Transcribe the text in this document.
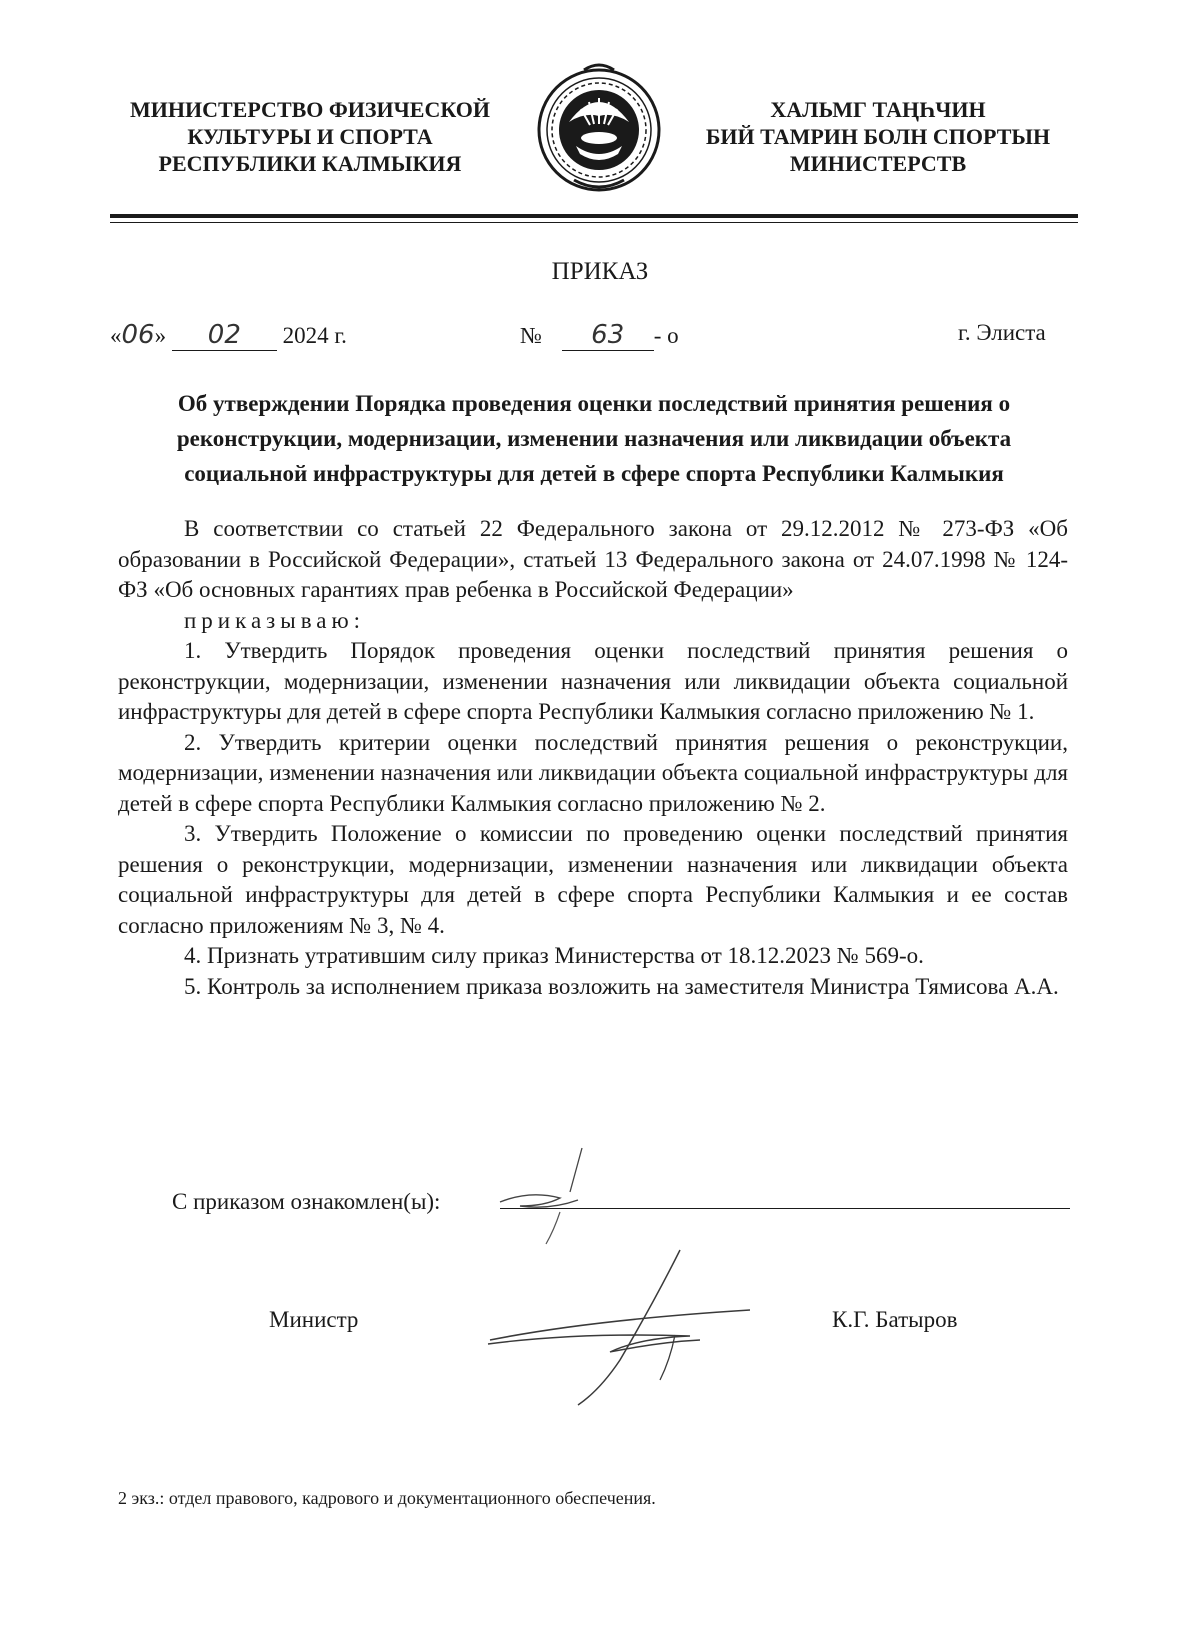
МИНИСТЕРСТВО ФИЗИЧЕСКОЙ
КУЛЬТУРЫ И СПОРТА
РЕСПУБЛИКИ КАЛМЫКИЯ
ХАЛЬМГ ТАҢҺЧИН
БИЙ ТАМРИН БОЛН СПОРТЫН
МИНИСТЕРСТВ
ПРИКАЗ
«06» 02 2024 г.	№ 63 - о	г. Элиста
Об утверждении Порядка проведения оценки последствий принятия решения о
реконструкции, модернизации, изменении назначения или ликвидации объекта
социальной инфраструктуры для детей в сфере спорта Республики Калмыкия

В соответствии со статьей 22 Федерального закона от 29.12.2012 № 273-ФЗ «Об образовании в Российской Федерации», статьей 13 Федерального закона от 24.07.1998 № 124-ФЗ «Об основных гарантиях прав ребенка в Российской Федерации»

приказываю:

1. Утвердить Порядок проведения оценки последствий принятия решения о реконструкции, модернизации, изменении назначения или ликвидации объекта социальной инфраструктуры для детей в сфере спорта Республики Калмыкия согласно приложению № 1.

2. Утвердить критерии оценки последствий принятия решения о реконструкции, модернизации, изменении назначения или ликвидации объекта социальной инфраструктуры для детей в сфере спорта Республики Калмыкия согласно приложению № 2.

3. Утвердить Положение о комиссии по проведению оценки последствий принятия решения о реконструкции, модернизации, изменении назначения или ликвидации объекта социальной инфраструктуры для детей в сфере спорта Республики Калмыкия и ее состав согласно приложениям № 3, № 4.

4. Признать утратившим силу приказ Министерства от 18.12.2023 № 569-о.

5. Контроль за исполнением приказа возложить на заместителя Министра Тямисова А.А.

С приказом ознакомлен(ы):
Министр	К.Г. Батыров
2 экз.: отдел правового, кадрового и документационного обеспечения.
